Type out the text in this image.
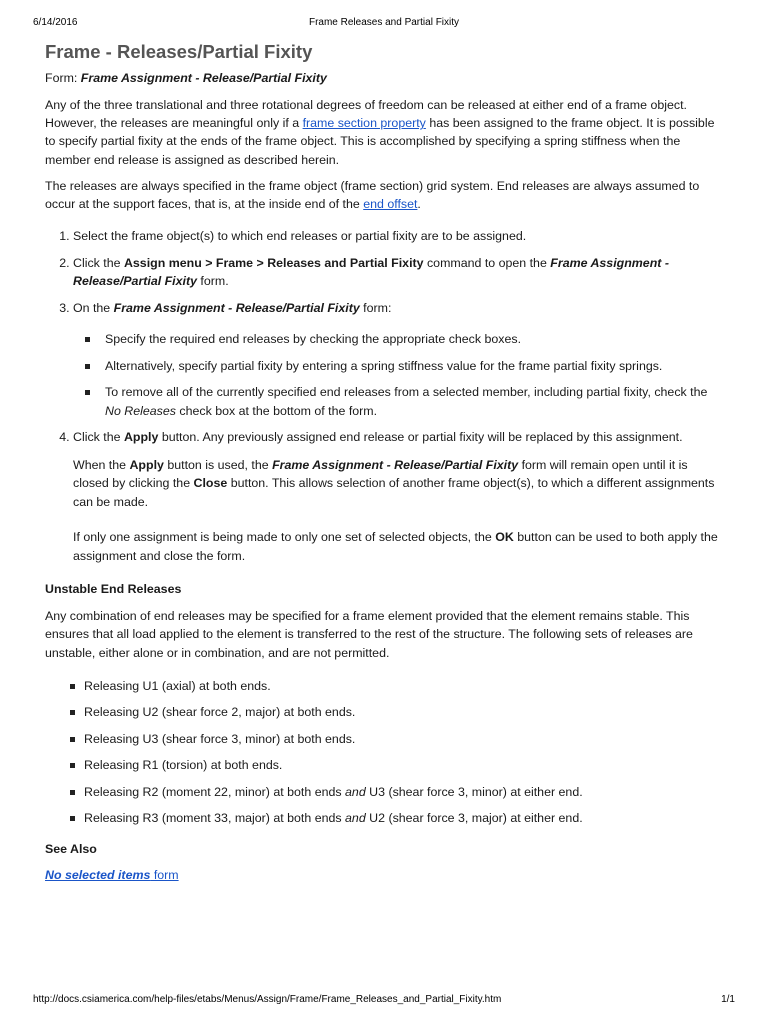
6/14/2016	Frame Releases and Partial Fixity
Frame - Releases/Partial Fixity
Form: Frame Assignment - Release/Partial Fixity

Any of the three translational and three rotational degrees of freedom can be released at either end of a frame object. However, the releases are meaningful only if a frame section property has been assigned to the frame object. It is possible to specify partial fixity at the ends of the frame object. This is accomplished by specifying a spring stiffness when the member end release is assigned as described herein.

The releases are always specified in the frame object (frame section) grid system. End releases are always assumed to occur at the support faces, that is, at the inside end of the end offset.

1. Select the frame object(s) to which end releases or partial fixity are to be assigned.
2. Click the Assign menu > Frame > Releases and Partial Fixity command to open the Frame Assignment - Release/Partial Fixity form.
3. On the Frame Assignment - Release/Partial Fixity form:
Specify the required end releases by checking the appropriate check boxes.
Alternatively, specify partial fixity by entering a spring stiffness value for the frame partial fixity springs.
To remove all of the currently specified end releases from a selected member, including partial fixity, check the No Releases check box at the bottom of the form.
4. Click the Apply button. Any previously assigned end release or partial fixity will be replaced by this assignment.
When the Apply button is used, the Frame Assignment - Release/Partial Fixity form will remain open until it is closed by clicking the Close button. This allows selection of another frame object(s), to which a different assignments can be made.
If only one assignment is being made to only one set of selected objects, the OK button can be used to both apply the assignment and close the form.
Unstable End Releases

Any combination of end releases may be specified for a frame element provided that the element remains stable. This ensures that all load applied to the element is transferred to the rest of the structure. The following sets of releases are unstable, either alone or in combination, and are not permitted.

Releasing U1 (axial) at both ends.
Releasing U2 (shear force 2, major) at both ends.
Releasing U3 (shear force 3, minor) at both ends.
Releasing R1 (torsion) at both ends.
Releasing R2 (moment 22, minor) at both ends and U3 (shear force 3, minor) at either end.
Releasing R3 (moment 33, major) at both ends and U2 (shear force 3, major) at either end.
See Also
No selected items form
http://docs.csiamerica.com/help-files/etabs/Menus/Assign/Frame/Frame_Releases_and_Partial_Fixity.htm	1/1
